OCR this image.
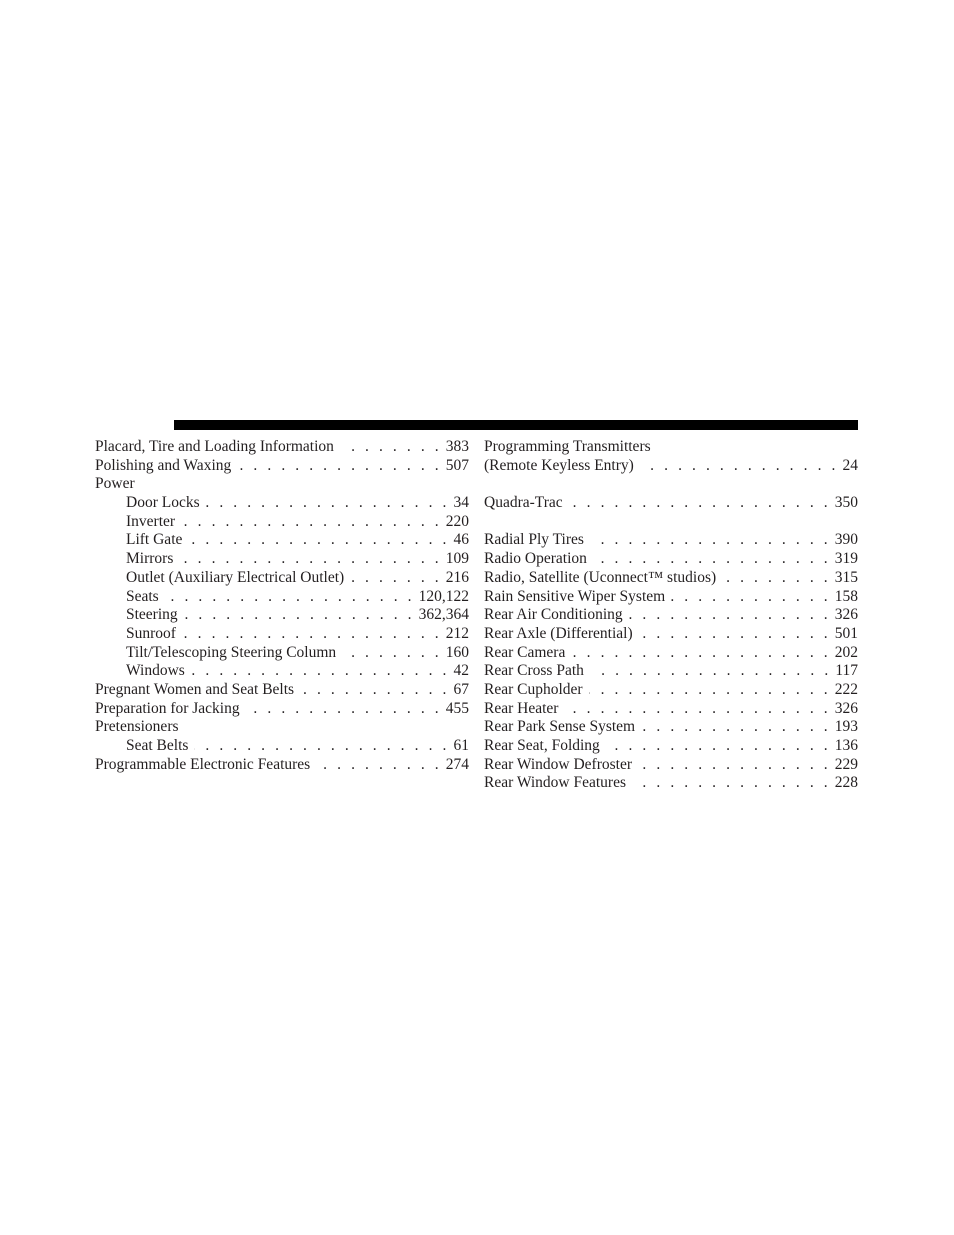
Placard, Tire and Loading Information . . .	383
Polishing and Waxing . . .	507
Power
Door Locks . . .	34
Inverter . . .	220
Lift Gate . . .	46
Mirrors . . .	109
Outlet (Auxiliary Electrical Outlet) . . .	216
Seats . . .	120,122
Steering . . .	362,364
Sunroof . . .	212
Tilt/Telescoping Steering Column . . .	160
Windows . . .	42
Pregnant Women and Seat Belts . . .	67
Preparation for Jacking . . .	455
Pretensioners
Seat Belts . . .	61
Programmable Electronic Features . . .	274
Programming Transmitters
(Remote Keyless Entry) . . .	24
Quadra-Trac . . .	350
Radial Ply Tires . . .	390
Radio Operation . . .	319
Radio, Satellite (Uconnect™ studios) . . .	315
Rain Sensitive Wiper System . . .	158
Rear Air Conditioning . . .	326
Rear Axle (Differential) . . .	501
Rear Camera . . .	202
Rear Cross Path . . .	117
Rear Cupholder . . .	222
Rear Heater . . .	326
Rear Park Sense System . . .	193
Rear Seat, Folding . . .	136
Rear Window Defroster . . .	229
Rear Window Features . . .	228
